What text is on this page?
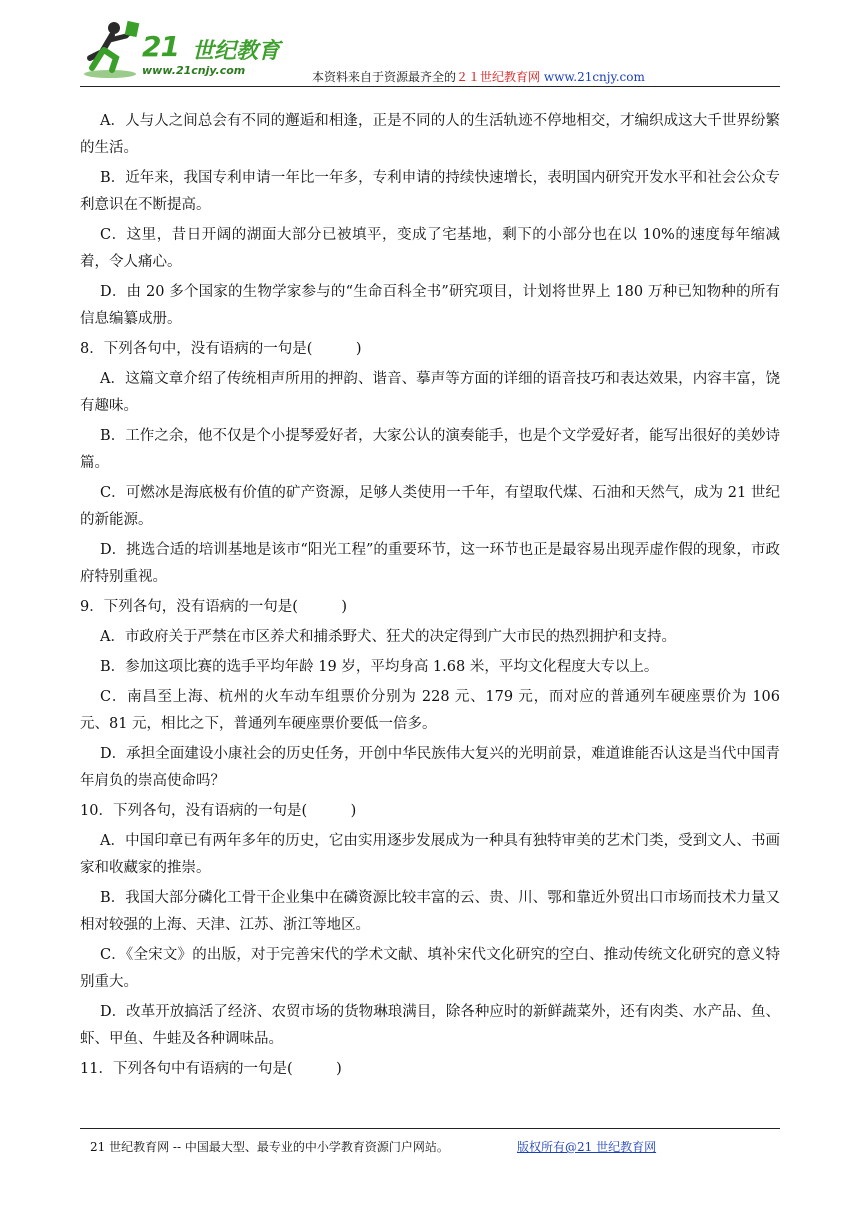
21 世纪教育
www.21cnjy.com	本资料来自于资源最齐全的２１世纪教育网 www.21cnjy.com

A．人与人之间总会有不同的邂逅和相逢，正是不同的人的生活轨迹不停地相交，才编织成这大千世界纷繁的生活。

B．近年来，我国专利申请一年比一年多，专利申请的持续快速增长，表明国内研究开发水平和社会公众专利意识在不断提高。

C．这里，昔日开阔的湖面大部分已被填平，变成了宅基地，剩下的小部分也在以 10%的速度每年缩减着，令人痛心。

D．由 20 多个国家的生物学家参与的“生命百科全书”研究项目，计划将世界上 180 万种已知物种的所有信息编纂成册。

8．下列各句中，没有语病的一句是(　　　)

A．这篇文章介绍了传统相声所用的押韵、谐音、摹声等方面的详细的语音技巧和表达效果，内容丰富，饶有趣味。

B．工作之余，他不仅是个小提琴爱好者，大家公认的演奏能手，也是个文学爱好者，能写出很好的美妙诗篇。

C．可燃冰是海底极有价值的矿产资源，足够人类使用一千年，有望取代煤、石油和天然气，成为 21 世纪的新能源。

D．挑选合适的培训基地是该市“阳光工程”的重要环节，这一环节也正是最容易出现弄虚作假的现象，市政府特别重视。

9．下列各句，没有语病的一句是(　　　)

A．市政府关于严禁在市区养犬和捕杀野犬、狂犬的决定得到广大市民的热烈拥护和支持。

B．参加这项比赛的选手平均年龄 19 岁，平均身高 1.68 米，平均文化程度大专以上。

C．南昌至上海、杭州的火车动车组票价分别为 228 元、179 元，而对应的普通列车硬座票价为 106 元、81 元，相比之下，普通列车硬座票价要低一倍多。

D．承担全面建设小康社会的历史任务，开创中华民族伟大复兴的光明前景，难道谁能否认这是当代中国青年肩负的崇高使命吗？

10．下列各句，没有语病的一句是(　　　)

A．中国印章已有两年多年的历史，它由实用逐步发展成为一种具有独特审美的艺术门类，受到文人、书画家和收藏家的推崇。

B．我国大部分磷化工骨干企业集中在磷资源比较丰富的云、贵、川、鄂和靠近外贸出口市场而技术力量又相对较强的上海、天津、江苏、浙江等地区。

C．《全宋文》的出版，对于完善宋代的学术文献、填补宋代文化研究的空白、推动传统文化研究的意义特别重大。

D．改革开放搞活了经济、农贸市场的货物琳琅满目，除各种应时的新鲜蔬菜外，还有肉类、水产品、鱼、虾、甲鱼、牛蛙及各种调味品。

11．下列各句中有语病的一句是(　　　)

21 世纪教育网 -- 中国最大型、最专业的中小学教育资源门户网站。	版权所有@21 世纪教育网
